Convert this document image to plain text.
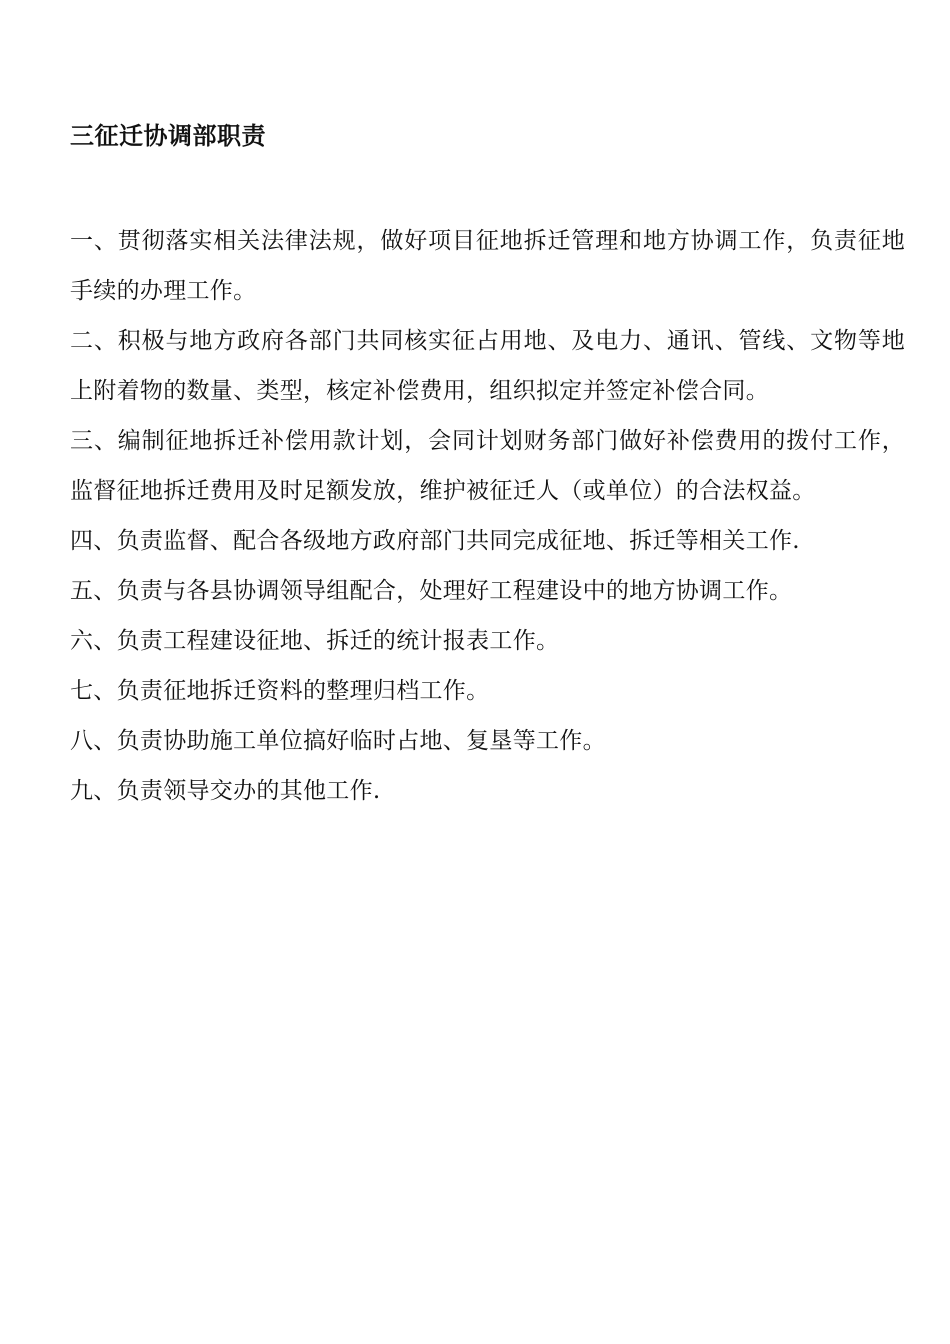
三征迁协调部职责
一、贯彻落实相关法律法规，做好项目征地拆迁管理和地方协调工作，负责征地手续的办理工作。
二、积极与地方政府各部门共同核实征占用地、及电力、通讯、管线、文物等地上附着物的数量、类型，核定补偿费用，组织拟定并签定补偿合同。
三、编制征地拆迁补偿用款计划，会同计划财务部门做好补偿费用的拨付工作，监督征地拆迁费用及时足额发放，维护被征迁人（或单位）的合法权益。
四、负责监督、配合各级地方政府部门共同完成征地、拆迁等相关工作.
五、负责与各县协调领导组配合，处理好工程建设中的地方协调工作。
六、负责工程建设征地、拆迁的统计报表工作。
七、负责征地拆迁资料的整理归档工作。
八、负责协助施工单位搞好临时占地、复垦等工作。
九、负责领导交办的其他工作.
